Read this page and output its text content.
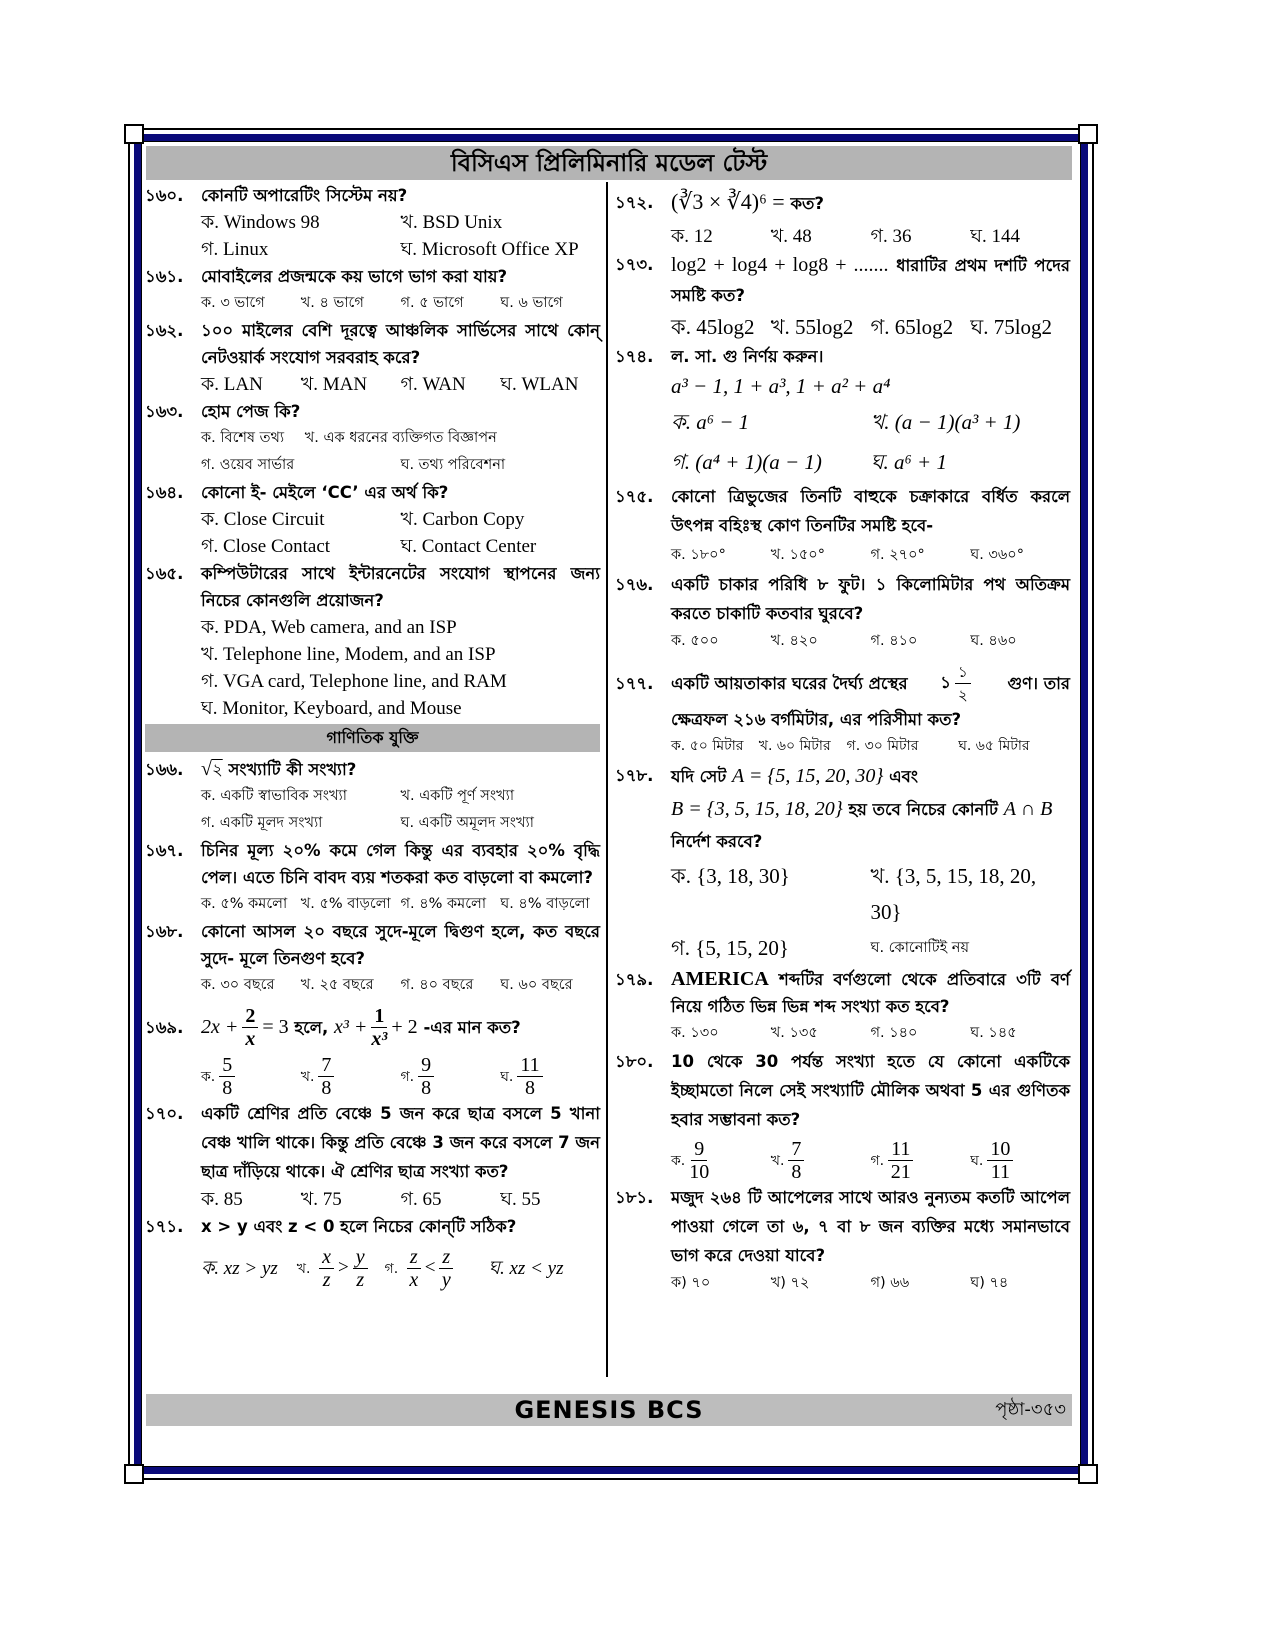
বিসিএস প্রিলিমিনারি মডেল টেস্ট
১৬০.	কোনটি অপারেটিং সিস্টেম নয়?
ক. Windows 98	খ. BSD Unix
গ. Linux	ঘ. Microsoft Office XP
১৬১.	মোবাইলের প্রজন্মকে কয় ভাগে ভাগ করা যায়?
ক. ৩ ভাগে	খ. ৪ ভাগে	গ. ৫ ভাগে	ঘ. ৬ ভাগে
১৬২.	১০০ মাইলের বেশি দূরত্বে আঞ্চলিক সার্ভিসের সাথে কোন্ নেটওয়ার্ক সংযোগ সরবরাহ করে?
ক. LAN	খ. MAN	গ. WAN	ঘ. WLAN
১৬৩.	হোম পেজ কি?
ক. বিশেষ তথ্য	খ. এক ধরনের ব্যক্তিগত বিজ্ঞাপন
গ. ওয়েব সার্ভার	ঘ. তথ্য পরিবেশনা
১৬৪.	কোনো ই- মেইলে ‘CC’ এর অর্থ কি?
ক. Close Circuit	খ. Carbon Copy
গ. Close Contact	ঘ. Contact Center
১৬৫.	কম্পিউটারের সাথে ইন্টারনেটের সংযোগ স্থাপনের জন্য নিচের কোনগুলি প্রয়োজন?
ক. PDA, Web camera, and an ISP
খ. Telephone line, Modem, and an ISP
গ. VGA card, Telephone line, and RAM
ঘ. Monitor, Keyboard, and Mouse
গাণিতিক যুক্তি
১৬৬. √২ সংখ্যাটি কী সংখ্যা?
ক. একটি স্বাভাবিক সংখ্যা	খ. একটি পূর্ণ সংখ্যা
গ. একটি মূলদ সংখ্যা	ঘ. একটি অমূলদ সংখ্যা
১৬৭.	চিনির মূল্য ২০% কমে গেল কিন্তু এর ব্যবহার ২০% বৃদ্ধি পেল। এতে চিনি বাবদ ব্যয় শতকরা কত বাড়লো বা কমলো?
ক. ৫% কমলো খ. ৫% বাড়লো গ. ৪% কমলো ঘ. ৪% বাড়লো
১৬৮.	কোনো আসল ২০ বছরে সুদে-মূলে দ্বিগুণ হলে, কত বছরে সুদে- মূলে তিনগুণ হবে?
ক. ৩০ বছরে	খ. ২৫ বছরে	গ. ৪০ বছরে	ঘ. ৬০ বছরে
১৬৯. $2x + \frac{2}{x} = 3$
হলে,
$x^3 + \frac{1}{\text{x³}} + 2$
-এর মান কত?
ক. $\frac{5}{8}$	খ. $\frac{7}{8}$	গ. $\frac{9}{8}$	ঘ. $\frac{11}{8}$
১৭০.	একটি শ্রেণির প্রতি বেঞ্চে 5 জন করে ছাত্র বসলে 5 খানা বেঞ্চ খালি থাকে। কিন্তু প্রতি বেঞ্চে 3 জন করে বসলে 7 জন ছাত্র দাঁড়িয়ে থাকে। ঐ শ্রেণির ছাত্র সংখ্যা কত?
ক. 85	খ. 75	গ. 65	ঘ. 55
১৭১.	x > y এবং z < 0 হলে নিচের কোন্‌টি সঠিক?
ক. xz > yz	খ. $\frac{x}{z} > \frac{y}{z}$ গ. $\frac{z}{x} < \frac{z}{y}$ ঘ. xz < yz
১৭২. (∛3 × ∛4)⁶ = কত?
ক. 12	খ. 48	গ. 36	ঘ. 144
১৭৩. log2 + log4 + log8 + ....... ধারাটির প্রথম দশটি পদের সমষ্টি কত?
ক. 45log2 খ. 55log2 গ. 65log2 ঘ. 75log2
১৭৪.	ল. সা. গু নির্ণয় করুন।
a³ − 1, 1 + a³, 1 + a² + a⁴
ক. a⁶ − 1	খ. (a − 1)(a³ + 1)
গ. (a⁴ + 1)(a − 1)	ঘ. a⁶ + 1
১৭৫.	কোনো ত্রিভুজের তিনটি বাহুকে চক্রাকারে বর্ধিত করলে উৎপন্ন বহিঃস্থ কোণ তিনটির সমষ্টি হবে-
ক. ১৮০°	খ. ১৫০°	গ. ২৭০°	ঘ. ৩৬০°
১৭৬.	একটি চাকার পরিধি ৮ ফুট। ১ কিলোমিটার পথ অতিক্রম করতে চাকাটি কতবার ঘুরবে?
ক. ৫০০	খ. ৪২০	গ. ৪১০	ঘ. ৪৬০
১৭৭.	একটি আয়তাকার ঘরের দৈর্ঘ্য প্রস্থের ১ $\frac{১}{২}$ গুণ। তার
ক্ষেত্রফল ২১৬ বর্গমিটার, এর পরিসীমা কত?
ক. ৫০ মিটার	খ. ৬০ মিটার	গ. ৩০ মিটার	ঘ. ৬৫ মিটার
১৭৮.	যদি সেট A = {5, 15, 20, 30} এবং
B = {3, 5, 15, 18, 20} হয় তবে নিচের কোনটি A ∩ B
নির্দেশ করবে?
ক. {3, 18, 30}	খ. {3, 5, 15, 18, 20, 30}
গ. {5, 15, 20}	ঘ. কোনোটিই নয়
১৭৯. AMERICA শব্দটির বর্ণগুলো থেকে প্রতিবারে ৩টি বর্ণ নিয়ে গঠিত ভিন্ন ভিন্ন শব্দ সংখ্যা কত হবে?
ক. ১৩০	খ. ১৩৫	গ. ১৪০	ঘ. ১৪৫
১৮০.	10 থেকে 30 পর্যন্ত সংখ্যা হতে যে কোনো একটিকে ইচ্ছামতো নিলে সেই সংখ্যাটি মৌলিক অথবা 5 এর গুণিতক হবার সম্ভাবনা কত?
ক. $\frac{9}{10}$	খ. $\frac{7}{8}$	গ. $\frac{11}{21}$	ঘ. $\frac{10}{11}$
১৮১.	মজুদ ২৬৪ টি আপেলের সাথে আরও নুন্যতম কতটি আপেল পাওয়া গেলে তা ৬, ৭ বা ৮ জন ব্যক্তির মধ্যে সমানভাবে ভাগ করে দেওয়া যাবে?
ক) ৭০	খ) ৭২	গ) ৬৬	ঘ) ৭৪
GENESIS BCS	পৃষ্ঠা-৩৫৩
